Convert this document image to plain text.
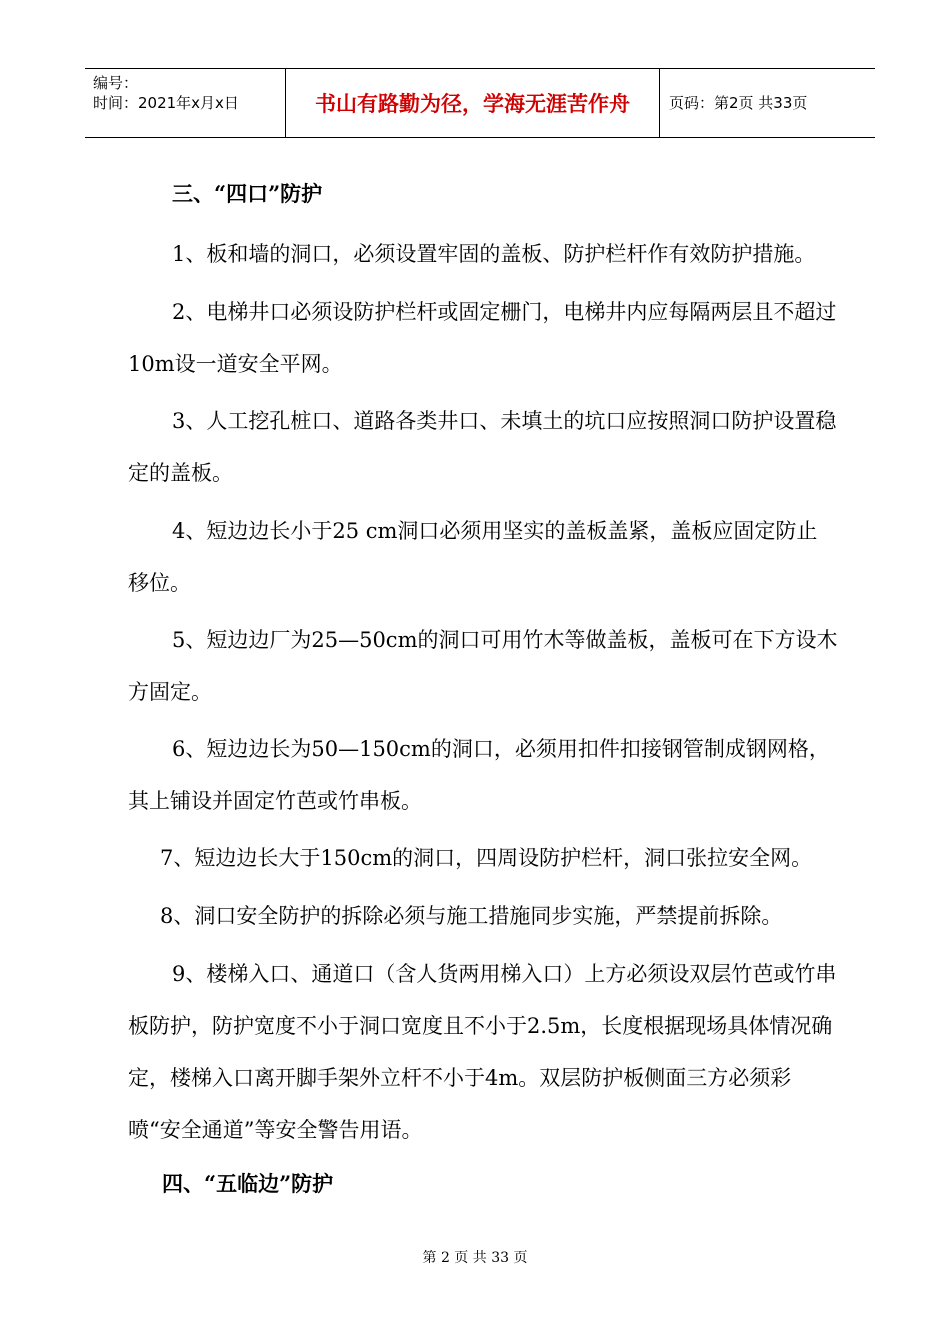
编号：
时间：2021年x月x日	书山有路勤为径，学海无涯苦作舟	页码：第2页 共33页
三、“四口”防护

1、板和墙的洞口，必须设置牢固的盖板、防护栏杆作有效防护措施。

2、电梯井口必须设防护栏杆或固定栅门，电梯井内应每隔两层且不超过10m设一道安全平网。

3、人工挖孔桩口、道路各类井口、未填土的坑口应按照洞口防护设置稳定的盖板。

4、短边边长小于25 cm洞口必须用坚实的盖板盖紧，盖板应固定防止移位。

5、短边边厂为25—50cm的洞口可用竹木等做盖板，盖板可在下方设木方固定。

6、短边边长为50—150cm的洞口，必须用扣件扣接钢管制成钢网格，其上铺设并固定竹芭或竹串板。

7、短边边长大于150cm的洞口，四周设防护栏杆，洞口张拉安全网。

8、洞口安全防护的拆除必须与施工措施同步实施，严禁提前拆除。

9、楼梯入口、通道口（含人货两用梯入口）上方必须设双层竹芭或竹串板防护，防护宽度不小于洞口宽度且不小于2.5m，长度根据现场具体情况确定，楼梯入口离开脚手架外立杆不小于4m。双层防护板侧面三方必须彩喷“安全通道”等安全警告用语。

四、“五临边”防护
第 2 页 共 33 页
